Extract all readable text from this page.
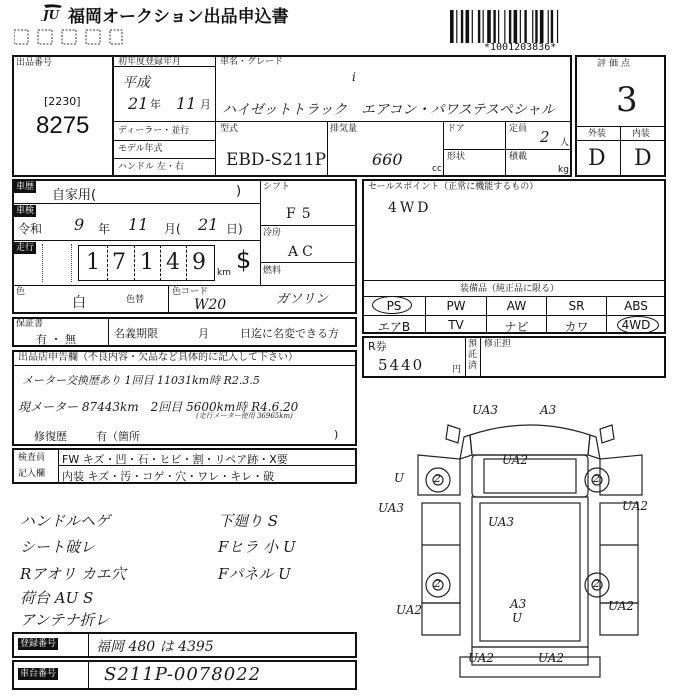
JU 福岡オークション出品申込書
*1001203836*
出品番号
[2230]
8275
初年度登録年月
平成
21 年 11 月
ディーラー・並行
モデル年式
ハンドル 左・右
車名・グレード
i
ハイゼットトラック　エアコン・パワステスペシャル
型式
EBD-S211P
排気量
660	cc
ドア	定員 2 人
形状	積載
kg
評価点
3
外装	内装
D D
車歴
自家用(	)
車検
令和 9 年 11 月( 21 日)
走行
1 7 1 4 9 km $
シフト
F5
冷房
AC
燃料
ガソリン
色
白	色替
色コード
W20
セールスポイント（正常に機能するもの）
4WD
装備品（純正品に限る）
PS	PW	AW	SR	ABS
エアB	TV	ナビ	カワ	4WD
保証書
有 ・ 無	名義期限	月	日迄に名変できる方
R券
5440	円
預託済
修正担
出品店申告欄（不良内容・欠品など具体的に記入して下さい）
メーター交換歴あり 1回目 11031km時 R2.3.5
現メーター 87443km　2回目 5600km時 R4.6.20
(走行メーター使用 36965km)
修復歴	有（箇所	)
検査員
記入欄
FW キズ・凹・石・ヒビ・割・リペア跡・X要
内装 キズ・汚・コゲ・穴・ワレ・キレ・破
ハンドルヘゲ
シート破レ
Rアオリ カエ穴
荷台 AU S
アンテナ折レ
下廻り S
Fヒラ 小 U
Fパネル U
登録番号	福岡 480 は 4395
車台番号	S211P-0078022
UA3	A3
UA2
U
UA3
UA3
UA2
A3
U
UA2	UA2
UA2	UA2
2	2
2	2
